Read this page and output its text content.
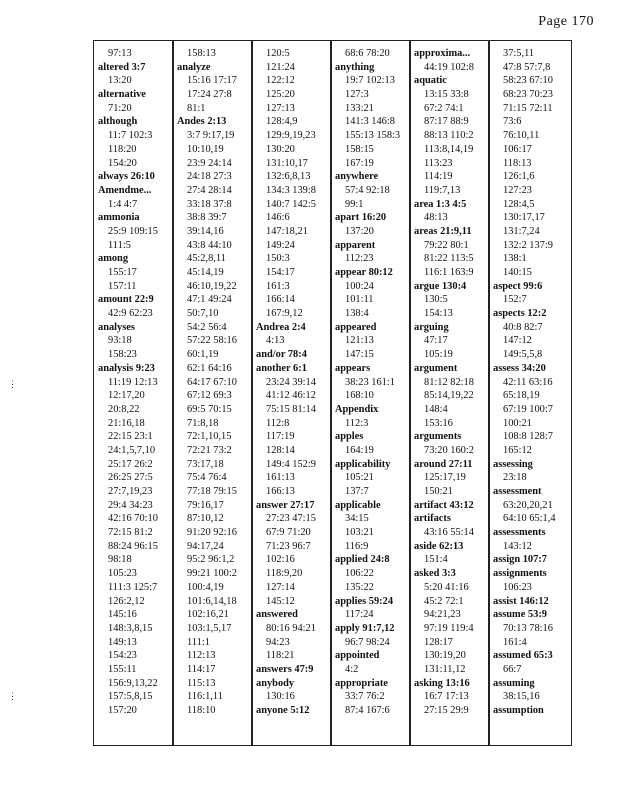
Page 170
⋮
⋮
97:13
altered 3:7
13:20
alternative
71:20
although
11:7 102:3
118:20
154:20
always 26:10
Amendme...
1:4 4:7
ammonia
25:9 109:15
111:5
among
155:17
157:11
amount 22:9
42:9 62:23
analyses
93:18
158:23
analysis 9:23
11:19 12:13
12:17,20
20:8,22
21:16,18
22:15 23:1
24:1,5,7,10
25:17 26:2
26:25 27:5
27:7,19,23
29:4 34:23
42:16 70:10
72:15 81:2
88:24 96:15
98:18
105:23
111:3 125:7
126:2,12
145:16
148:3,8,15
149:13
154:23
155:11
156:9,13,22
157:5,8,15
157:20
158:13
analyze
15:16 17:17
17:24 27:8
81:1
Andes 2:13
3:7 9:17,19
10:10,19
23:9 24:14
24:18 27:3
27:4 28:14
33:18 37:8
38:8 39:7
39:14,16
43:8 44:10
45:2,8,11
45:14,19
46:10,19,22
47:1 49:24
50:7,10
54:2 56:4
57:22 58:16
60:1,19
62:1 64:16
64:17 67:10
67:12 69:3
69:5 70:15
71:8,18
72:1,10,15
72:21 73:2
73:17,18
75:4 76:4
77:18 79:15
79:16,17
87:10,12
91:20 92:16
94:17,24
95:2 96:1,2
99:21 100:2
100:4,19
101:6,14,18
102:16,21
103:1,5,17
111:1
112:13
114:17
115:13
116:1,11
118:10
120:5
121:24
122:12
125:20
127:13
128:4,9
129:9,19,23
130:20
131:10,17
132:6,8,13
134:3 139:8
140:7 142:5
146:6
147:18,21
149:24
150:3
154:17
161:3
166:14
167:9,12
Andrea 2:4
4:13
and/or 78:4
another 6:1
23:24 39:14
41:12 46:12
75:15 81:14
112:8
117:19
128:14
149:4 152:9
161:13
166:13
answer 27:17
27:23 47:15
67:9 71:20
71:23 96:7
102:16
118:9,20
127:14
145:12
answered
80:16 94:21
94:23
118:21
answers 47:9
anybody
130:16
anyone 5:12
68:6 78:20
anything
19:7 102:13
127:3
133:21
141:3 146:8
155:13 158:3
158:15
167:19
anywhere
57:4 92:18
99:1
apart 16:20
137:20
apparent
112:23
appear 80:12
100:24
101:11
138:4
appeared
121:13
147:15
appears
38:23 161:1
168:10
Appendix
112:3
apples
164:19
applicability
105:21
137:7
applicable
34:15
103:21
116:9
applied 24:8
106:22
135:22
applies 59:24
117:24
apply 91:7,12
96:7 98:24
appointed
4:2
appropriate
33:7 76:2
87:4 167:6
approxima...
44:19 102:8
aquatic
13:15 33:8
67:2 74:1
87:17 88:9
88:13 110:2
113:8,14,19
113:23
114:19
119:7,13
area 1:3 4:5
48:13
areas 21:9,11
79:22 80:1
81:22 113:5
116:1 163:9
argue 130:4
130:5
154:13
arguing
47:17
105:19
argument
81:12 82:18
85:14,19,22
148:4
153:16
arguments
73:20 160:2
around 27:11
125:17,19
150:21
artifact 43:12
artifacts
43:16 55:14
aside 62:13
151:4
asked 3:3
5:20 41:16
45:2 72:1
94:21,23
97:19 119:4
128:17
130:19,20
131:11,12
asking 13:16
16:7 17:13
27:15 29:9
37:5,11
47:8 57:7,8
58:23 67:10
68:23 70:23
71:15 72:11
73:6
76:10,11
106:17
118:13
126:1,6
127:23
128:4,5
130:17,17
131:7,24
132:2 137:9
138:1
140:15
aspect 99:6
152:7
aspects 12:2
40:8 82:7
147:12
149:5,5,8
assess 34:20
42:11 63:16
65:18,19
67:19 100:7
100:21
108:8 128:7
165:12
assessing
23:18
assessment
63:20,20,21
64:10 65:1,4
assessments
143:12
assign 107:7
assignments
106:23
assist 146:12
assume 53:9
70:13 78:16
161:4
assumed 65:3
66:7
assuming
38:15,16
assumption
